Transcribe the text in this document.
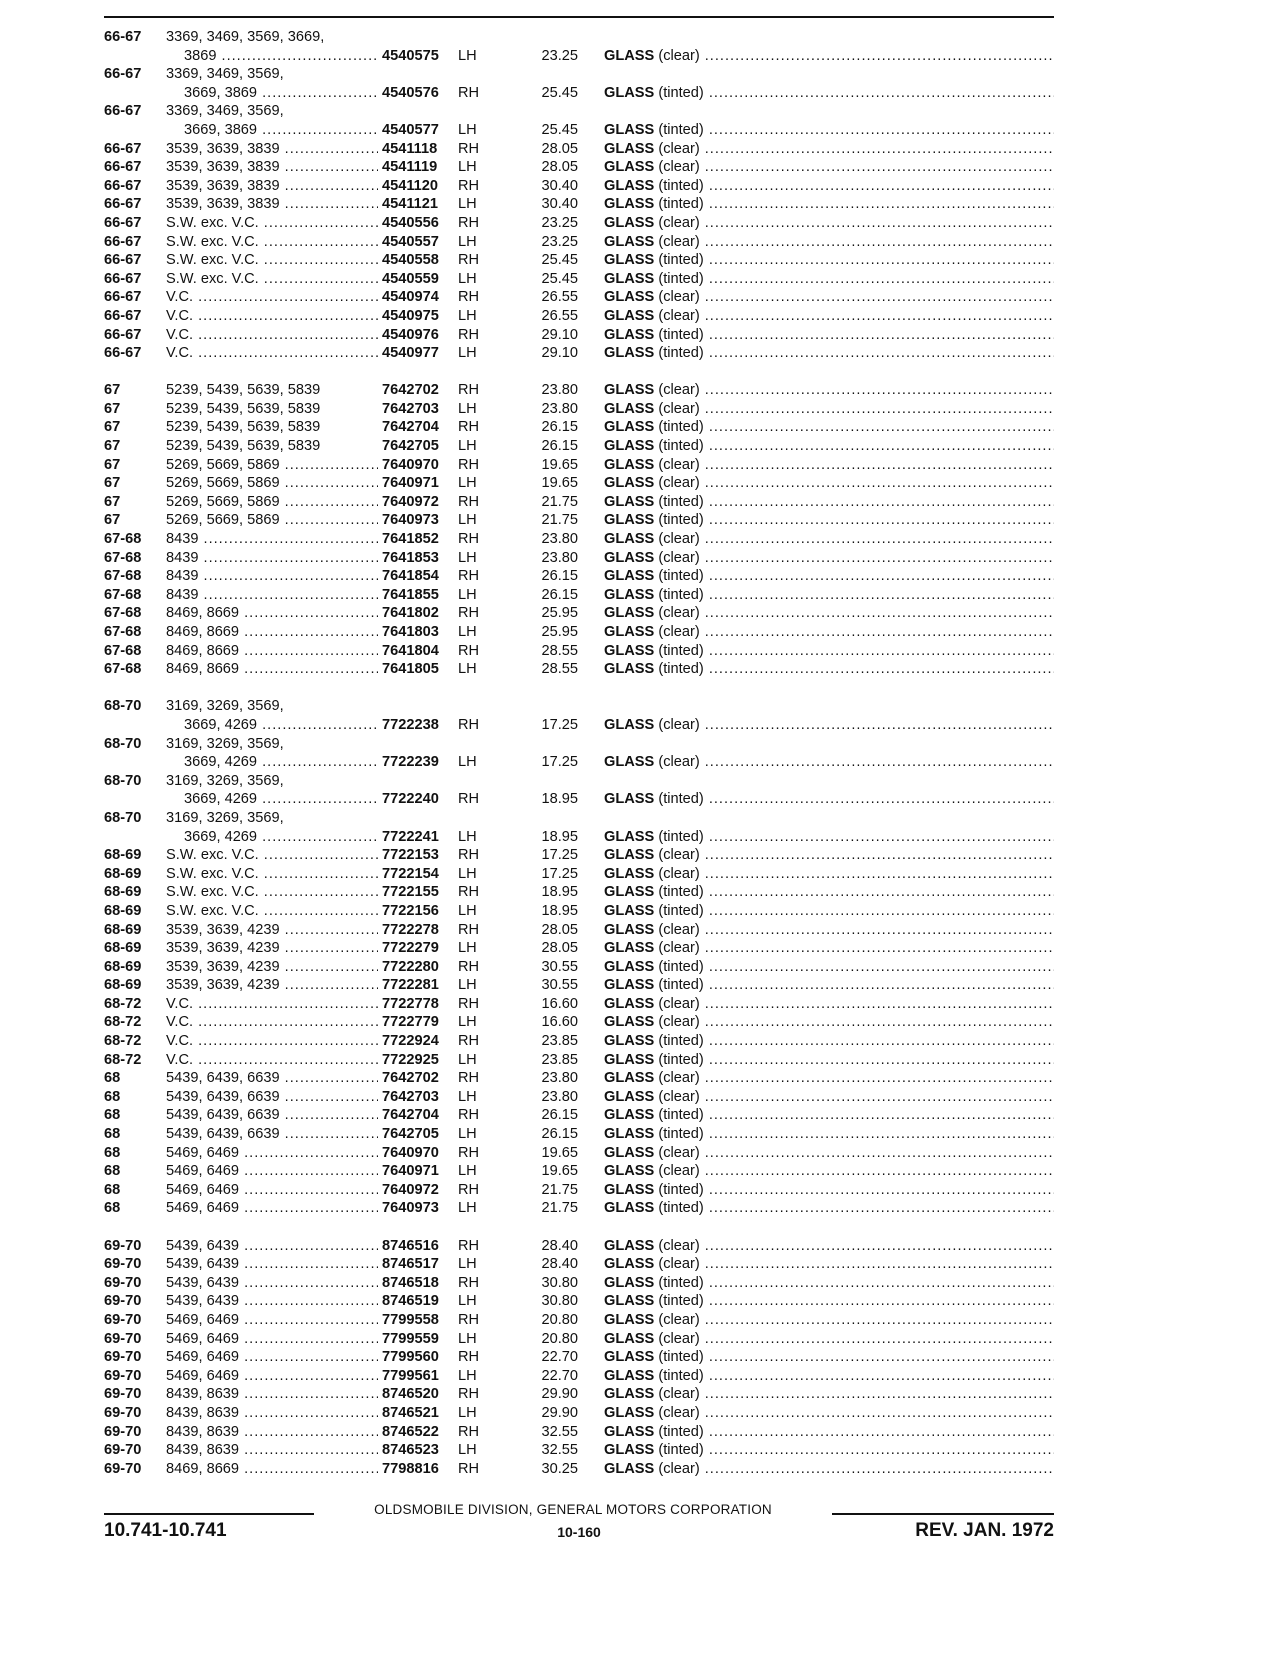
66-67	3369, 3469, 3569, 3669,
3869 .....	4540575 LH	23.25 GLASS (clear) .....
66-67	3369, 3469, 3569,
3669, 3869 .....	4540576 RH	25.45 GLASS (tinted) .....
66-67	3369, 3469, 3569,
3669, 3869 .....	4540577 LH	25.45 GLASS (tinted) .....
66-67	3539, 3639, 3839 .....	4541118 RH	28.05 GLASS (clear) .....
66-67	3539, 3639, 3839 .....	4541119 LH	28.05 GLASS (clear) .....
66-67	3539, 3639, 3839 .....	4541120 RH	30.40 GLASS (tinted) .....
66-67	3539, 3639, 3839 .....	4541121 LH	30.40 GLASS (tinted) .....
66-67	S.W. exc. V.C. .....	4540556 RH	23.25 GLASS (clear) .....
66-67	S.W. exc. V.C. .....	4540557 LH	23.25 GLASS (clear) .....
66-67	S.W. exc. V.C. .....	4540558 RH	25.45 GLASS (tinted) .....
66-67	S.W. exc. V.C. .....	4540559 LH	25.45 GLASS (tinted) .....
66-67	V.C. .....	4540974 RH	26.55 GLASS (clear) .....
66-67	V.C. .....	4540975 LH	26.55 GLASS (clear) .....
66-67	V.C. .....	4540976 RH	29.10 GLASS (tinted) .....
66-67	V.C. .....	4540977 LH	29.10 GLASS (tinted) .....
67	5239, 5439, 5639, 5839	7642702 RH	23.80 GLASS (clear) .....
67	5239, 5439, 5639, 5839	7642703 LH	23.80 GLASS (clear) .....
67	5239, 5439, 5639, 5839	7642704 RH	26.15 GLASS (tinted) .....
67	5239, 5439, 5639, 5839	7642705 LH	26.15 GLASS (tinted) .....
67	5269, 5669, 5869 .....	7640970 RH	19.65 GLASS (clear) .....
67	5269, 5669, 5869 .....	7640971 LH	19.65 GLASS (clear) .....
67	5269, 5669, 5869 .....	7640972 RH	21.75 GLASS (tinted) .....
67	5269, 5669, 5869 .....	7640973 LH	21.75 GLASS (tinted) .....
67-68	8439 .....	7641852 RH	23.80 GLASS (clear) .....
67-68	8439 .....	7641853 LH	23.80 GLASS (clear) .....
67-68	8439 .....	7641854 RH	26.15 GLASS (tinted) .....
67-68	8439 .....	7641855 LH	26.15 GLASS (tinted) .....
67-68	8469, 8669 .....	7641802 RH	25.95 GLASS (clear) .....
67-68	8469, 8669 .....	7641803 LH	25.95 GLASS (clear) .....
67-68	8469, 8669 .....	7641804 RH	28.55 GLASS (tinted) .....
67-68	8469, 8669 .....	7641805 LH	28.55 GLASS (tinted) .....
68-70	3169, 3269, 3569,
3669, 4269 .....	7722238 RH	17.25 GLASS (clear) .....
68-70	3169, 3269, 3569,
3669, 4269 .....	7722239 LH	17.25 GLASS (clear) .....
68-70	3169, 3269, 3569,
3669, 4269 .....	7722240 RH	18.95 GLASS (tinted) .....
68-70	3169, 3269, 3569,
3669, 4269 .....	7722241 LH	18.95 GLASS (tinted) .....
68-69	S.W. exc. V.C. .....	7722153 RH	17.25 GLASS (clear) .....
68-69	S.W. exc. V.C. .....	7722154 LH	17.25 GLASS (clear) .....
68-69	S.W. exc. V.C. .....	7722155 RH	18.95 GLASS (tinted) .....
68-69	S.W. exc. V.C. .....	7722156 LH	18.95 GLASS (tinted) .....
68-69	3539, 3639, 4239 .....	7722278 RH	28.05 GLASS (clear) .....
68-69	3539, 3639, 4239 .....	7722279 LH	28.05 GLASS (clear) .....
68-69	3539, 3639, 4239 .....	7722280 RH	30.55 GLASS (tinted) .....
68-69	3539, 3639, 4239 .....	7722281 LH	30.55 GLASS (tinted) .....
68-72	V.C. .....	7722778 RH	16.60 GLASS (clear) .....
68-72	V.C. .....	7722779 LH	16.60 GLASS (clear) .....
68-72	V.C. .....	7722924 RH	23.85 GLASS (tinted) .....
68-72	V.C. .....	7722925 LH	23.85 GLASS (tinted) .....
68	5439, 6439, 6639 .....	7642702 RH	23.80 GLASS (clear) .....
68	5439, 6439, 6639 .....	7642703 LH	23.80 GLASS (clear) .....
68	5439, 6439, 6639 .....	7642704 RH	26.15 GLASS (tinted) .....
68	5439, 6439, 6639 .....	7642705 LH	26.15 GLASS (tinted) .....
68	5469, 6469 .....	7640970 RH	19.65 GLASS (clear) .....
68	5469, 6469 .....	7640971 LH	19.65 GLASS (clear) .....
68	5469, 6469 .....	7640972 RH	21.75 GLASS (tinted) .....
68	5469, 6469 .....	7640973 LH	21.75 GLASS (tinted) .....
69-70	5439, 6439 .....	8746516 RH	28.40 GLASS (clear) .....
69-70	5439, 6439 .....	8746517 LH	28.40 GLASS (clear) .....
69-70	5439, 6439 .....	8746518 RH	30.80 GLASS (tinted) .....
69-70	5439, 6439 .....	8746519 LH	30.80 GLASS (tinted) .....
69-70	5469, 6469 .....	7799558 RH	20.80 GLASS (clear) .....
69-70	5469, 6469 .....	7799559 LH	20.80 GLASS (clear) .....
69-70	5469, 6469 .....	7799560 RH	22.70 GLASS (tinted) .....
69-70	5469, 6469 .....	7799561 LH	22.70 GLASS (tinted) .....
69-70	8439, 8639 .....	8746520 RH	29.90 GLASS (clear) .....
69-70	8439, 8639 .....	8746521 LH	29.90 GLASS (clear) .....
69-70	8439, 8639 .....	8746522 RH	32.55 GLASS (tinted) .....
69-70	8439, 8639 .....	8746523 LH	32.55 GLASS (tinted) .....
69-70	8469, 8669 .....	7798816 RH	30.25 GLASS (clear) .....
OLDSMOBILE DIVISION, GENERAL MOTORS CORPORATION
10.741-10.741	10-160	REV. JAN. 1972
